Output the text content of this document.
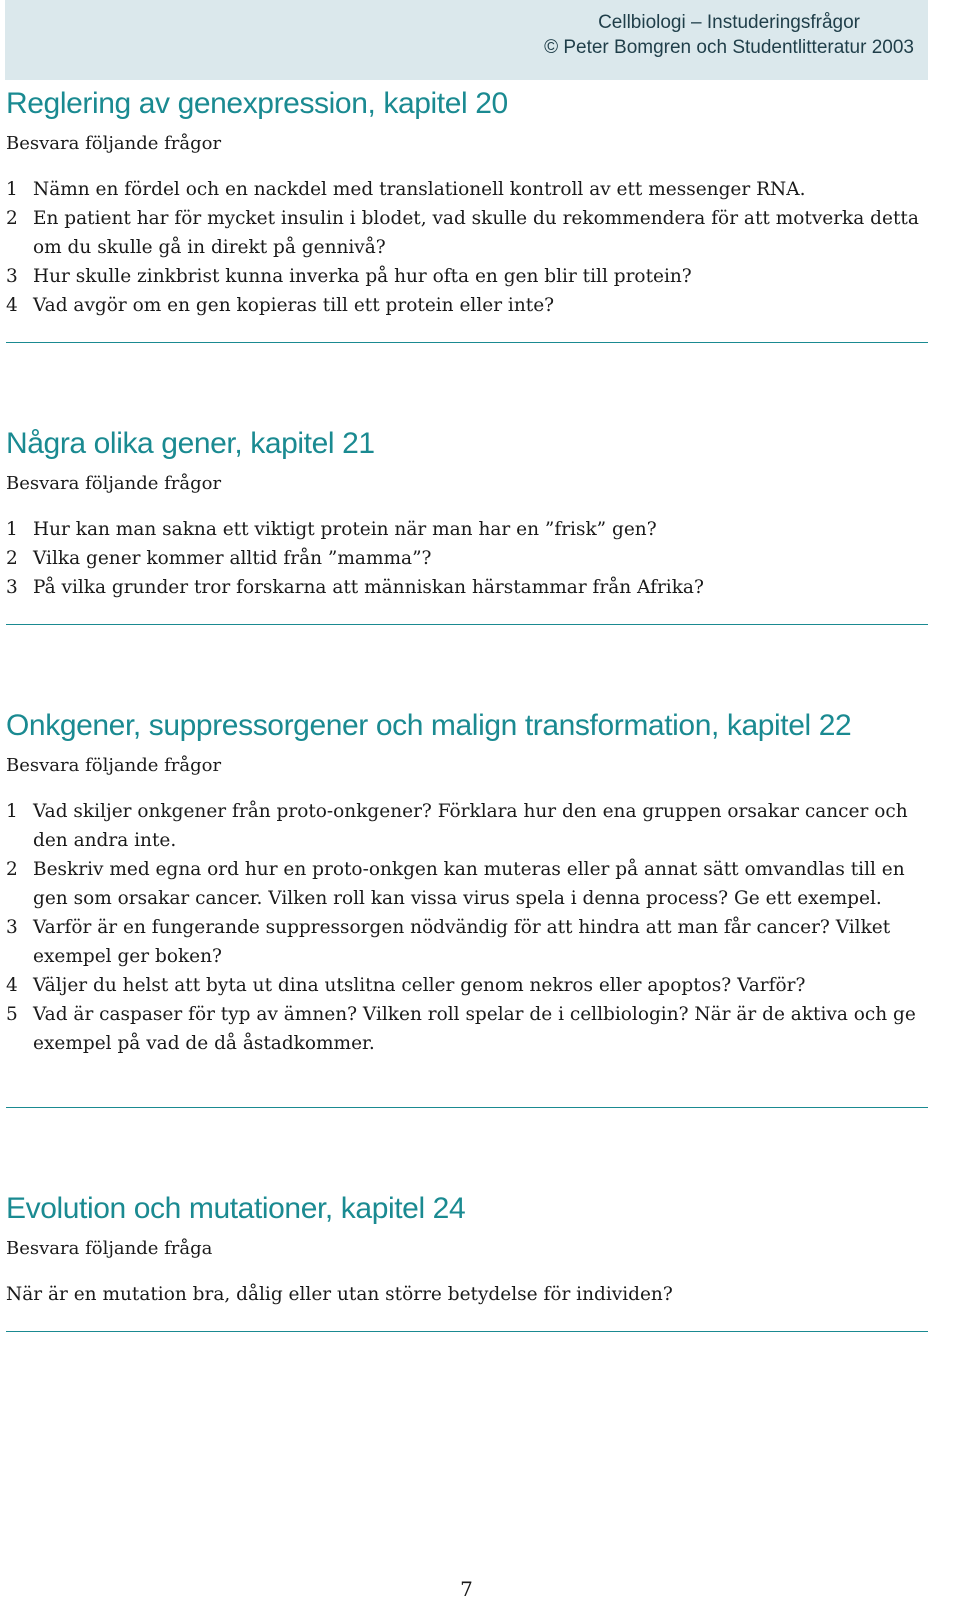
Cellbiologi – Instuderingsfrågor
© Peter Bomgren och Studentlitteratur 2003
Reglering av genexpression, kapitel 20
Besvara följande frågor
1 Nämn en fördel och en nackdel med translationell kontroll av ett messenger RNA.
2 En patient har för mycket insulin i blodet, vad skulle du rekommendera för att motverka detta om du skulle gå in direkt på gennivå?
3 Hur skulle zinkbrist kunna inverka på hur ofta en gen blir till protein?
4 Vad avgör om en gen kopieras till ett protein eller inte?
Några olika gener, kapitel 21
Besvara följande frågor
1 Hur kan man sakna ett viktigt protein när man har en ”frisk” gen?
2 Vilka gener kommer alltid från ”mamma”?
3 På vilka grunder tror forskarna att människan härstammar från Afrika?
Onkgener, suppressorgener och malign transformation, kapitel 22
Besvara följande frågor
1 Vad skiljer onkgener från proto-onkgener? Förklara hur den ena gruppen orsakar cancer och den andra inte.
2 Beskriv med egna ord hur en proto-onkgen kan muteras eller på annat sätt omvandlas till en gen som orsakar cancer. Vilken roll kan vissa virus spela i denna process? Ge ett exempel.
3 Varför är en fungerande suppressorgen nödvändig för att hindra att man får cancer? Vilket exempel ger boken?
4 Väljer du helst att byta ut dina utslitna celler genom nekros eller apoptos? Varför?
5 Vad är caspaser för typ av ämnen? Vilken roll spelar de i cellbiologin? När är de aktiva och ge exempel på vad de då åstadkommer.
Evolution och mutationer, kapitel 24
Besvara följande fråga
När är en mutation bra, dålig eller utan större betydelse för individen?
7
